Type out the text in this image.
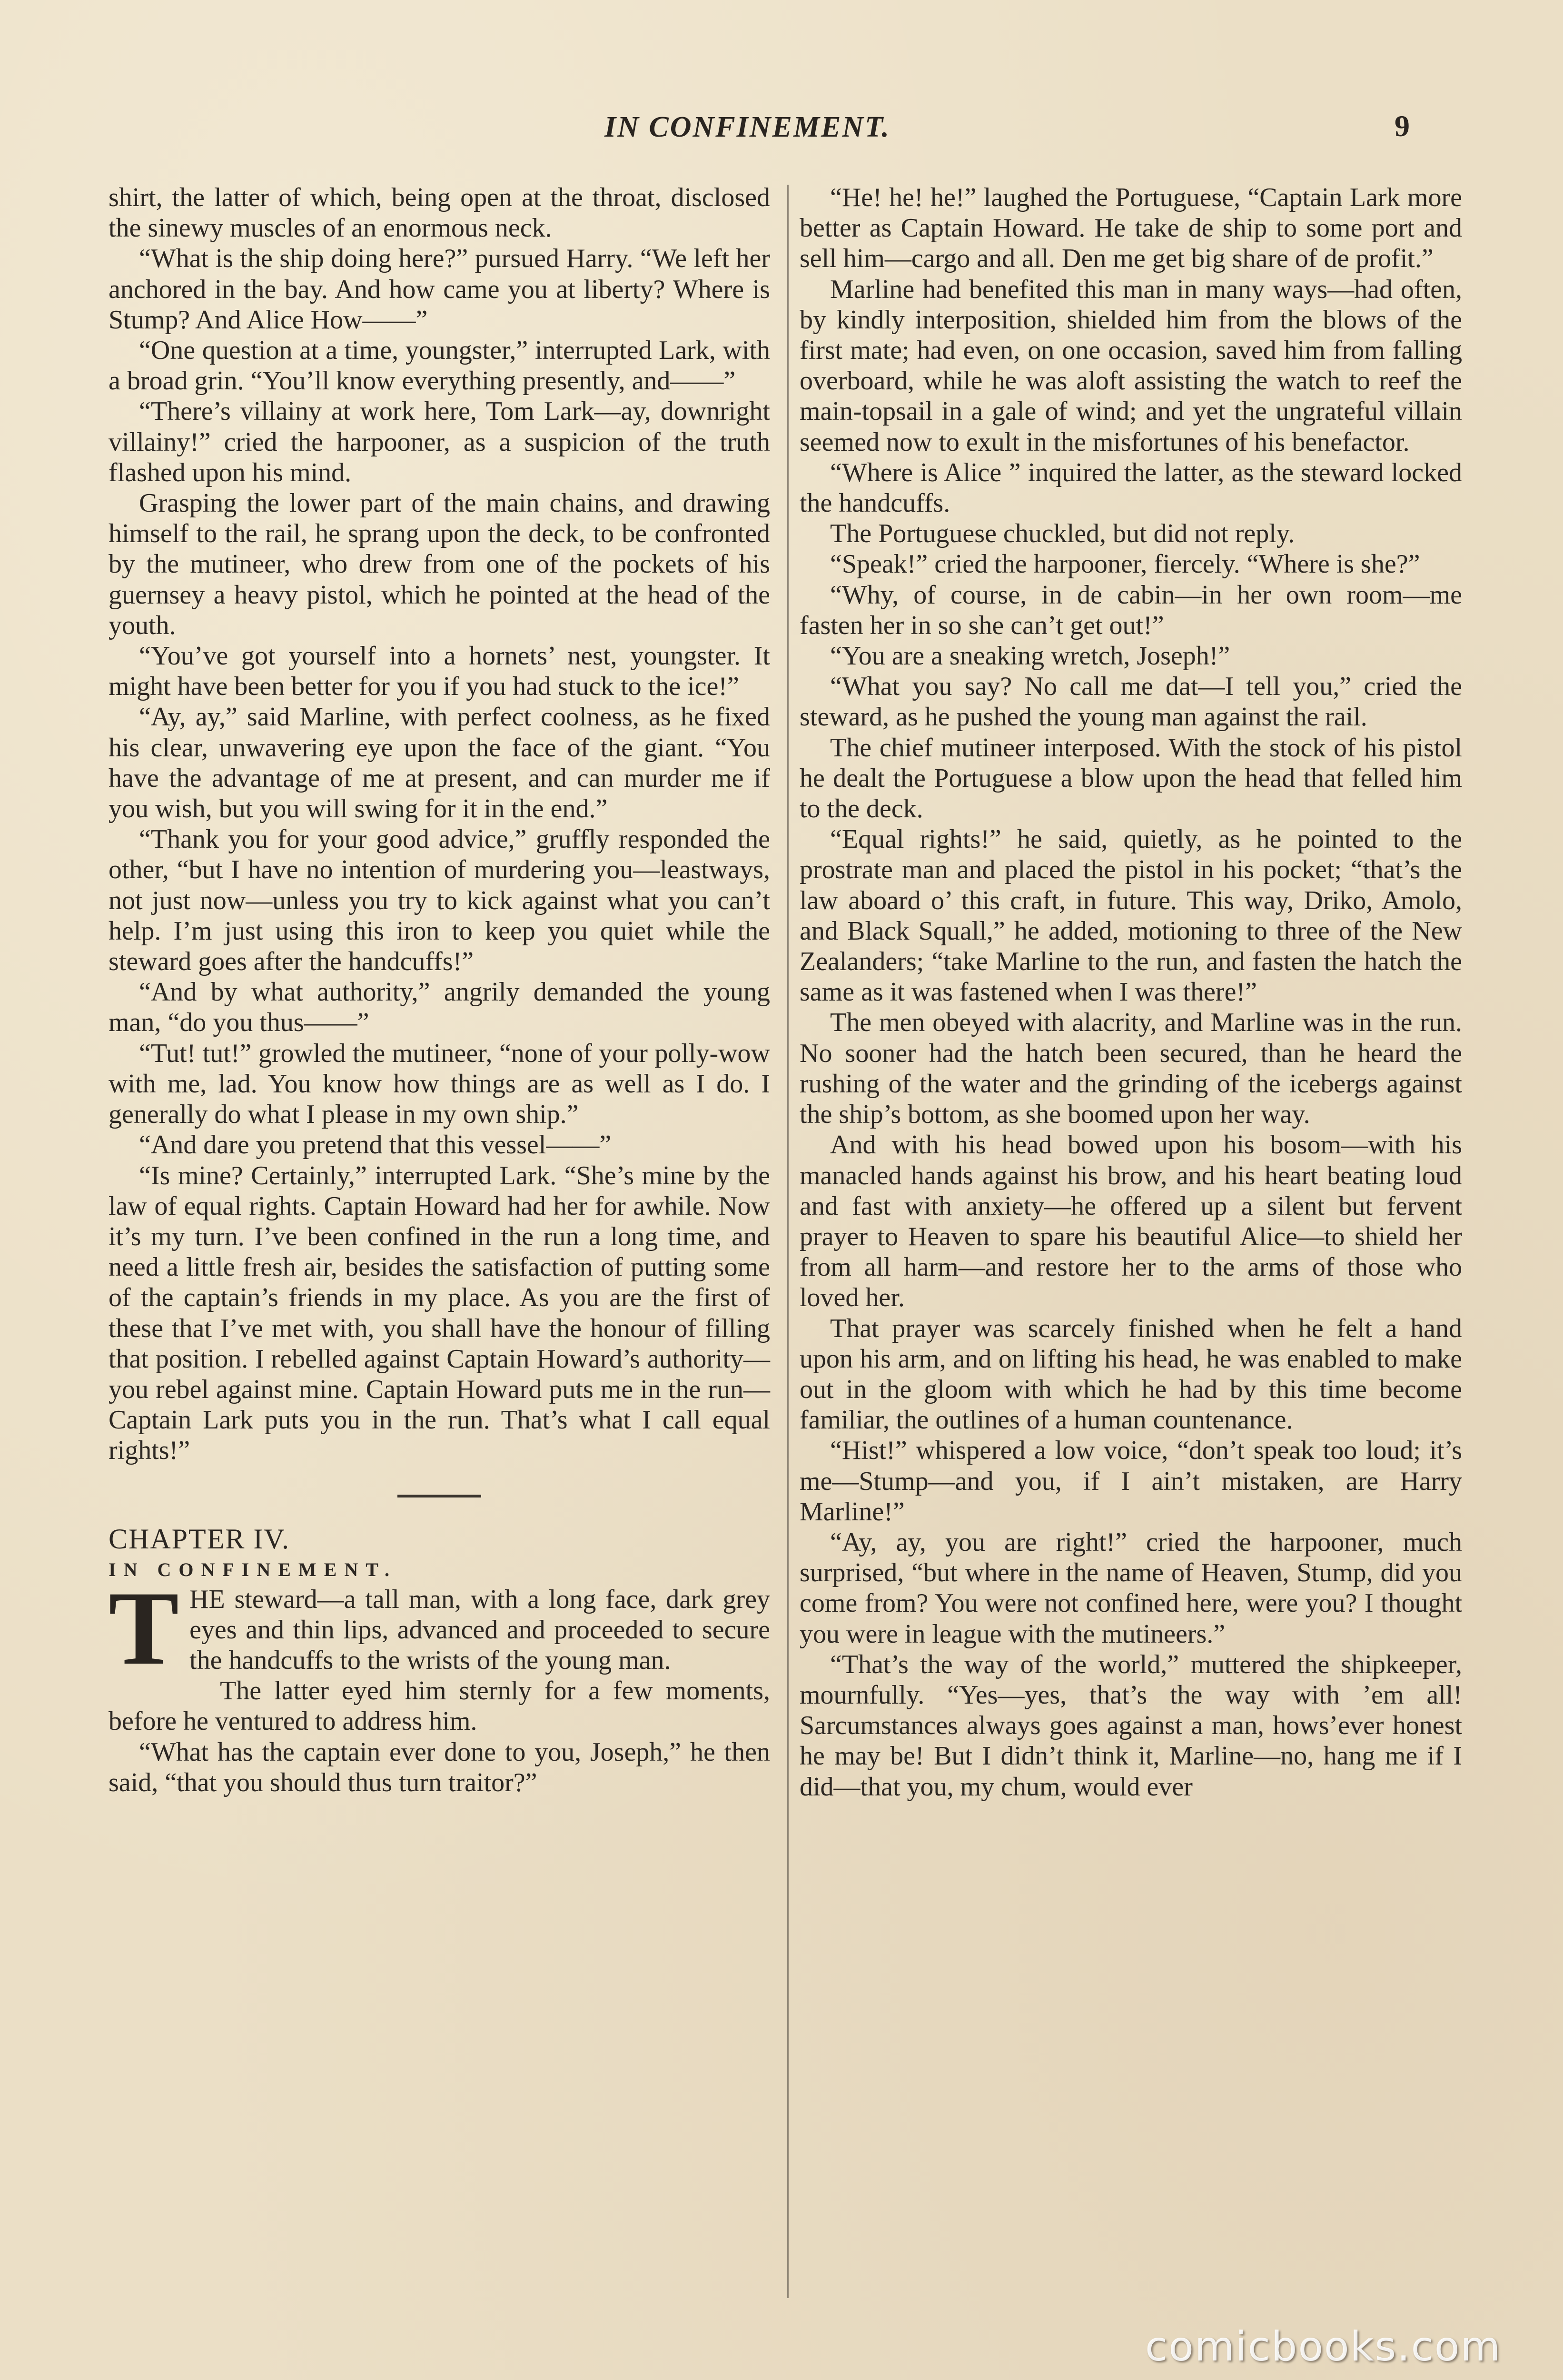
IN CONFINEMENT.	9

shirt, the latter of which, being open at the throat, disclosed the sinewy muscles of an enormous neck.

“What is the ship doing here?” pursued Harry. “We left her anchored in the bay. And how came you at liberty? Where is Stump? And Alice How——”

“One question at a time, youngster,” interrupted Lark, with a broad grin. “You’ll know everything presently, and——”

“There’s villainy at work here, Tom Lark—ay, downright villainy!” cried the harpooner, as a suspicion of the truth flashed upon his mind.

Grasping the lower part of the main chains, and drawing himself to the rail, he sprang upon the deck, to be confronted by the mutineer, who drew from one of the pockets of his guernsey a heavy pistol, which he pointed at the head of the youth.

“You’ve got yourself into a hornets’ nest, youngster. It might have been better for you if you had stuck to the ice!”

“Ay, ay,” said Marline, with perfect coolness, as he fixed his clear, unwavering eye upon the face of the giant. “You have the advantage of me at present, and can murder me if you wish, but you will swing for it in the end.”

“Thank you for your good advice,” gruffly responded the other, “but I have no intention of murdering you—leastways, not just now—unless you try to kick against what you can’t help. I’m just using this iron to keep you quiet while the steward goes after the handcuffs!”

“And by what authority,” angrily demanded the young man, “do you thus——”

“Tut! tut!” growled the mutineer, “none of your polly-wow with me, lad. You know how things are as well as I do. I generally do what I please in my own ship.”

“And dare you pretend that this vessel——”

“Is mine? Certainly,” interrupted Lark. “She’s mine by the law of equal rights. Captain Howard had her for awhile. Now it’s my turn. I’ve been confined in the run a long time, and need a little fresh air, besides the satisfaction of putting some of the captain’s friends in my place. As you are the first of these that I’ve met with, you shall have the honour of filling that position. I rebelled against Captain Howard’s authority—you rebel against mine. Captain Howard puts me in the run—Captain Lark puts you in the run. That’s what I call equal rights!”

CHAPTER IV.

IN CONFINEMENT.

THE steward—a tall man, with a long face, dark grey eyes and thin lips, advanced and proceeded to secure the handcuffs to the wrists of the young man.

The latter eyed him sternly for a few moments, before he ventured to address him.

“What has the captain ever done to you, Joseph,” he then said, “that you should thus turn traitor?”

“He! he! he!” laughed the Portuguese, “Captain Lark more better as Captain Howard. He take de ship to some port and sell him—cargo and all. Den me get big share of de profit.”

Marline had benefited this man in many ways—had often, by kindly interposition, shielded him from the blows of the first mate; had even, on one occasion, saved him from falling overboard, while he was aloft assisting the watch to reef the main-topsail in a gale of wind; and yet the ungrateful villain seemed now to exult in the misfortunes of his benefactor.

“Where is Alice ” inquired the latter, as the steward locked the handcuffs.

The Portuguese chuckled, but did not reply.

“Speak!” cried the harpooner, fiercely. “Where is she?”

“Why, of course, in de cabin—in her own room—me fasten her in so she can’t get out!”

“You are a sneaking wretch, Joseph!”

“What you say? No call me dat—I tell you,” cried the steward, as he pushed the young man against the rail.

The chief mutineer interposed. With the stock of his pistol he dealt the Portuguese a blow upon the head that felled him to the deck.

“Equal rights!” he said, quietly, as he pointed to the prostrate man and placed the pistol in his pocket; “that’s the law aboard o’ this craft, in future. This way, Driko, Amolo, and Black Squall,” he added, motioning to three of the New Zealanders; “take Marline to the run, and fasten the hatch the same as it was fastened when I was there!”

The men obeyed with alacrity, and Marline was in the run. No sooner had the hatch been secured, than he heard the rushing of the water and the grinding of the icebergs against the ship’s bottom, as she boomed upon her way.

And with his head bowed upon his bosom—with his manacled hands against his brow, and his heart beating loud and fast with anxiety—he offered up a silent but fervent prayer to Heaven to spare his beautiful Alice—to shield her from all harm—and restore her to the arms of those who loved her.

That prayer was scarcely finished when he felt a hand upon his arm, and on lifting his head, he was enabled to make out in the gloom with which he had by this time become familiar, the outlines of a human countenance.

“Hist!” whispered a low voice, “don’t speak too loud; it’s me—Stump—and you, if I ain’t mistaken, are Harry Marline!”

“Ay, ay, you are right!” cried the harpooner, much surprised, “but where in the name of Heaven, Stump, did you come from? You were not confined here, were you? I thought you were in league with the mutineers.”

“That’s the way of the world,” muttered the shipkeeper, mournfully. “Yes—yes, that’s the way with ’em all! Sarcumstances always goes against a man, hows’ever honest he may be! But I didn’t think it, Marline—no, hang me if I did—that you, my chum, would ever

comicbooks.com
